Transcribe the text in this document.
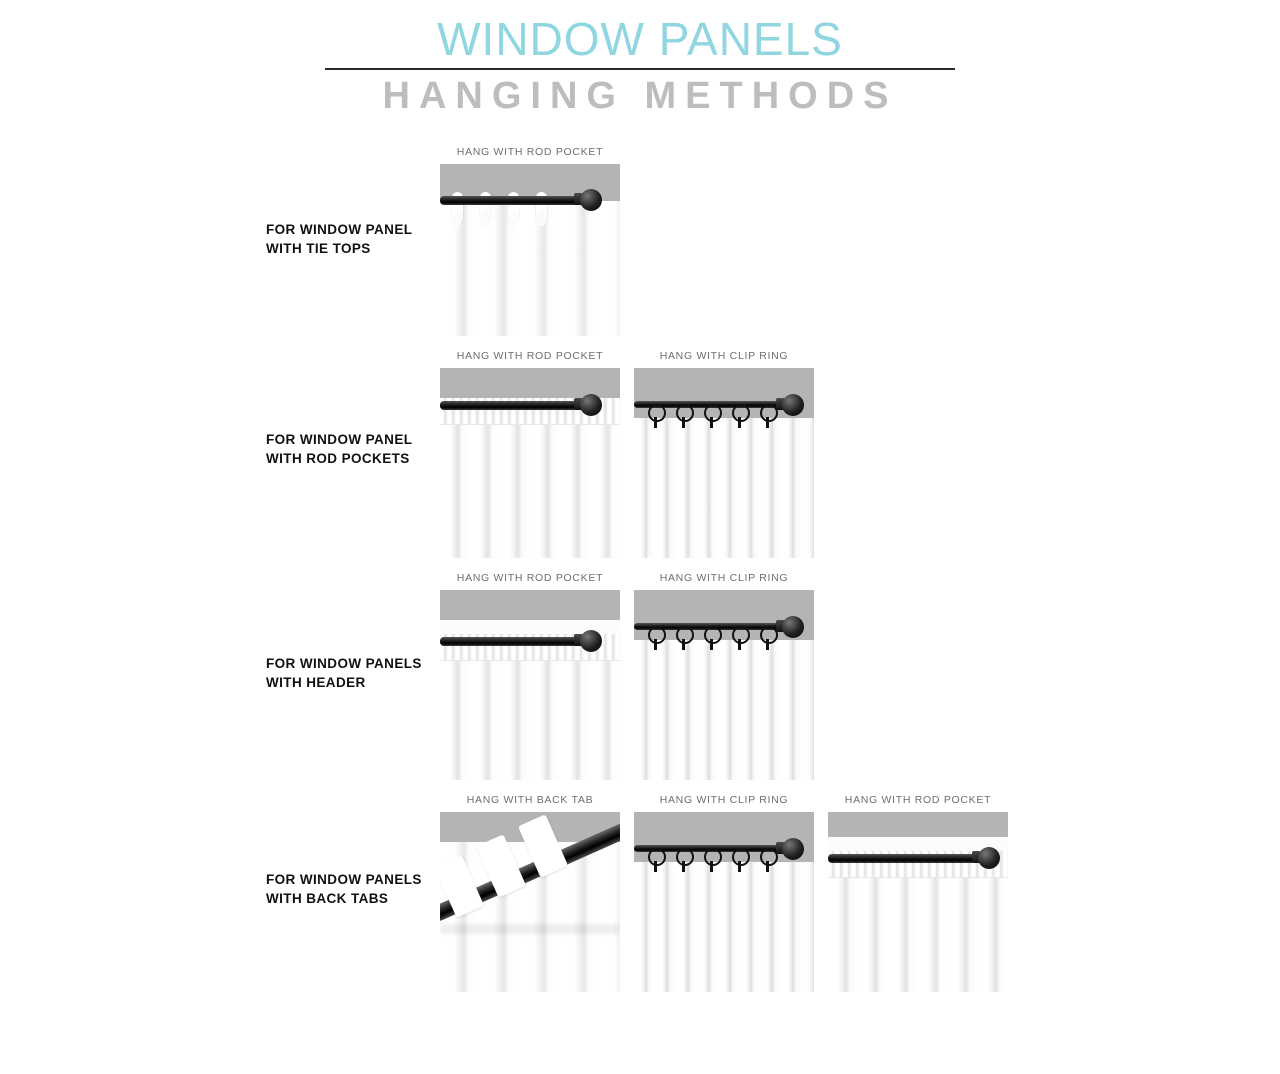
WINDOW PANELS
HANGING METHODS
FOR WINDOW PANEL WITH TIE TOPS
HANG WITH ROD POCKET
FOR WINDOW PANEL WITH ROD POCKETS
HANG WITH ROD POCKET	HANG WITH CLIP RING
FOR WINDOW PANELS WITH HEADER
HANG WITH ROD POCKET	HANG WITH CLIP RING
FOR WINDOW PANELS WITH BACK TABS
HANG WITH BACK TAB	HANG WITH CLIP RING	HANG WITH ROD POCKET
